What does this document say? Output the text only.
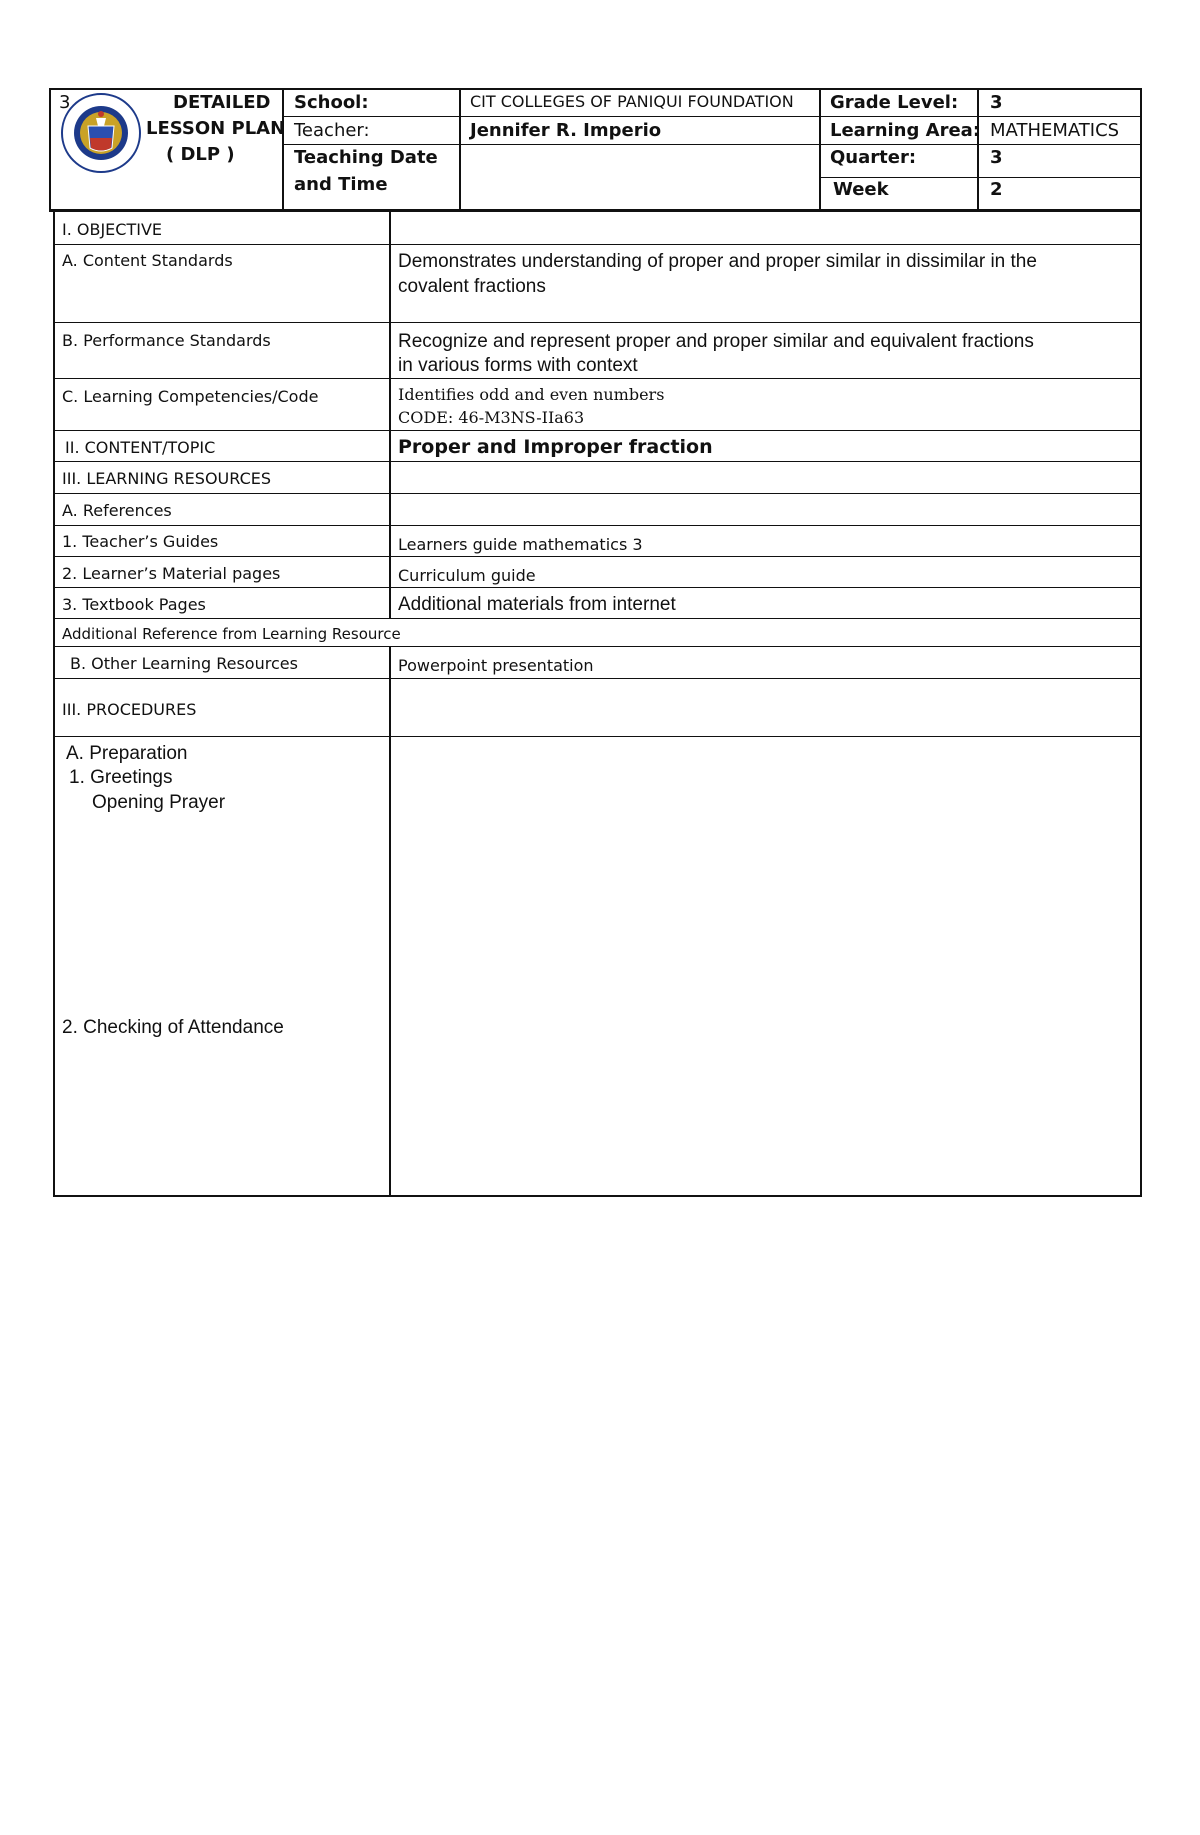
3	DETAILED
LESSON PLAN
( DLP )
School:	CIT COLLEGES OF PANIQUI FOUNDATION
Teacher:	Jennifer R. Imperio
Teaching Date
and Time
Grade Level: 3
Learning Area: MATHEMATICS
Quarter:	3
Week	2
I. OBJECTIVE
A. Content Standards	Demonstrates understanding of proper and proper similar in dissimilar in the
covalent fractions
B. Performance Standards	Recognize and represent proper and proper similar and equivalent fractions
in various forms with context
C. Learning Competencies/Code	Identifies odd and even numbers
CODE: 46-M3NS-IIa63
II. CONTENT/TOPIC	Proper and Improper fraction
III. LEARNING RESOURCES
A. References
1. Teacher’s Guides	Learners guide mathematics 3
2. Learner’s Material pages	Curriculum guide
3. Textbook Pages	Additional materials from internet
Additional Reference from Learning Resource
B. Other Learning Resources	Powerpoint presentation
III. PROCEDURES
A. Preparation
1. Greetings
Opening Prayer
2. Checking of Attendance
